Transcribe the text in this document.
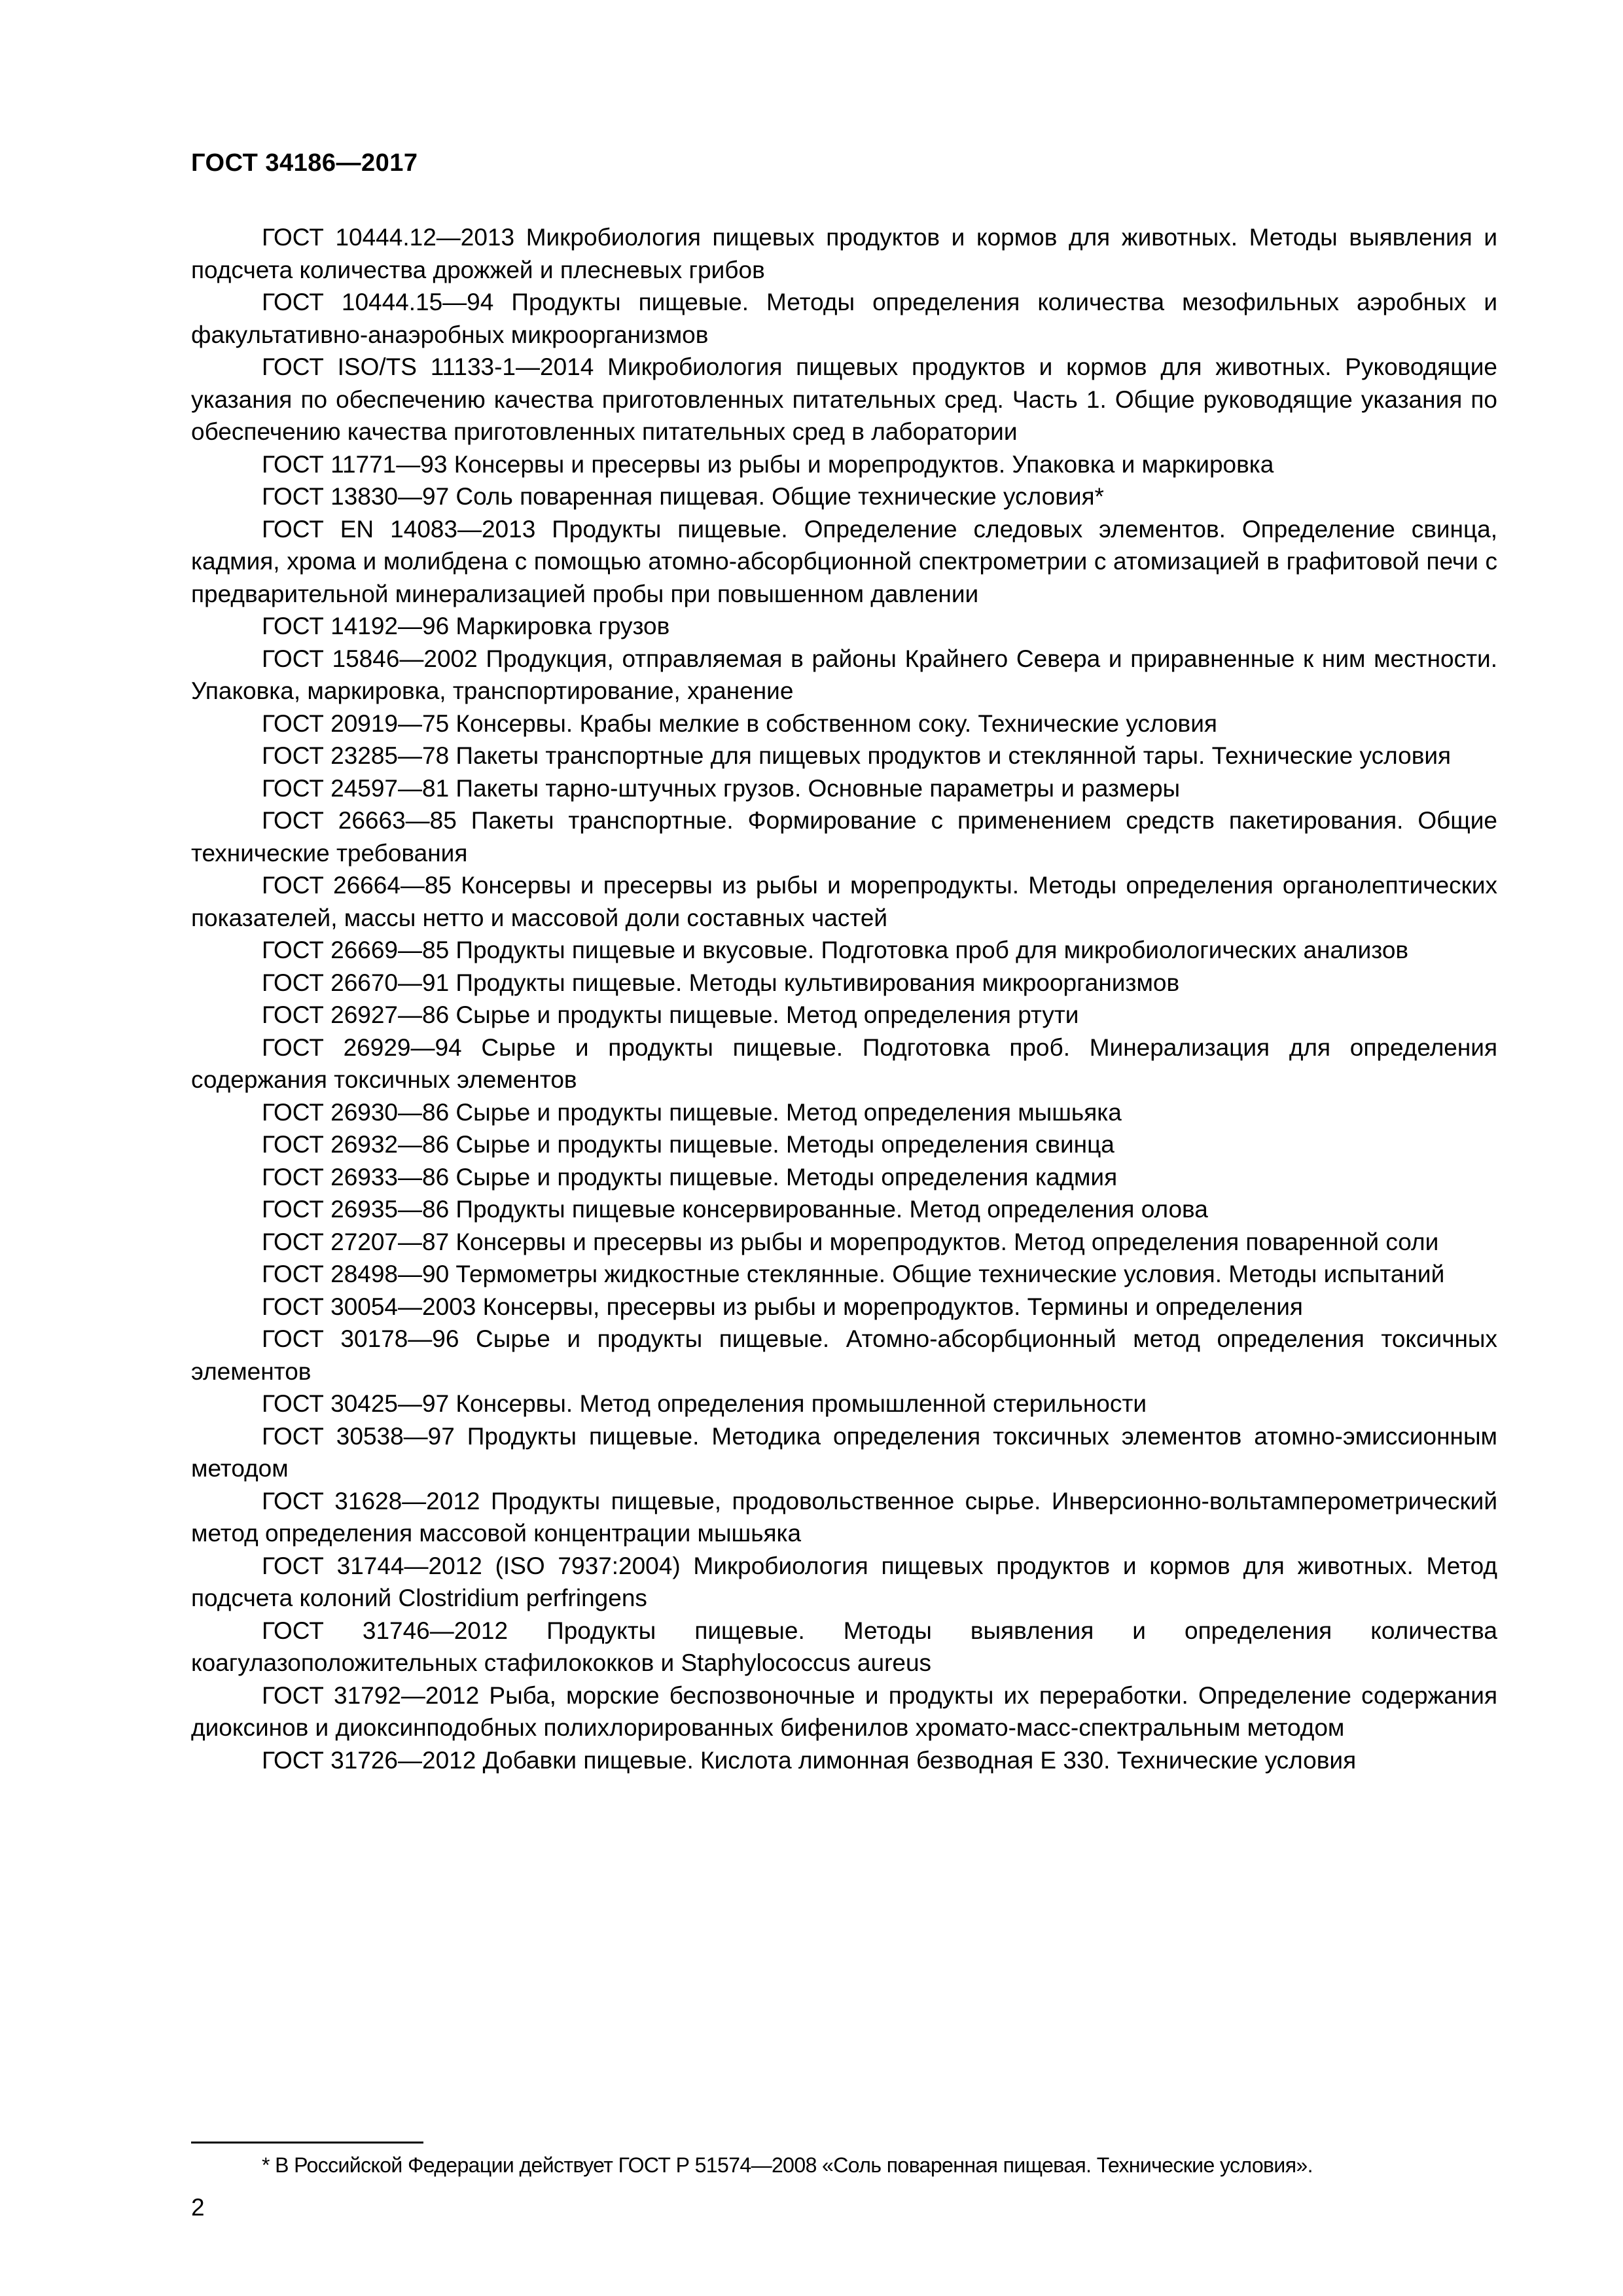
ГОСТ 34186—2017

ГОСТ 10444.12—2013 Микробиология пищевых продуктов и кормов для животных. Методы выявления и подсчета количества дрожжей и плесневых грибов

ГОСТ 10444.15—94 Продукты пищевые. Методы определения количества мезофильных аэробных и факультативно-анаэробных микроорганизмов

ГОСТ ISO/TS 11133-1—2014 Микробиология пищевых продуктов и кормов для животных. Руководящие указания по обеспечению качества приготовленных питательных сред. Часть 1. Общие руководящие указания по обеспечению качества приготовленных питательных сред в лаборатории

ГОСТ 11771—93 Консервы и пресервы из рыбы и морепродуктов. Упаковка и маркировка

ГОСТ 13830—97 Соль поваренная пищевая. Общие технические условия*

ГОСТ EN 14083—2013 Продукты пищевые. Определение следовых элементов. Определение свинца, кадмия, хрома и молибдена с помощью атомно-абсорбционной спектрометрии с атомизацией в графитовой печи с предварительной минерализацией пробы при повышенном давлении

ГОСТ 14192—96 Маркировка грузов

ГОСТ 15846—2002 Продукция, отправляемая в районы Крайнего Севера и приравненные к ним местности. Упаковка, маркировка, транспортирование, хранение

ГОСТ 20919—75 Консервы. Крабы мелкие в собственном соку. Технические условия

ГОСТ 23285—78 Пакеты транспортные для пищевых продуктов и стеклянной тары. Технические условия

ГОСТ 24597—81 Пакеты тарно-штучных грузов. Основные параметры и размеры

ГОСТ 26663—85 Пакеты транспортные. Формирование с применением средств пакетирования. Общие технические требования

ГОСТ 26664—85 Консервы и пресервы из рыбы и морепродукты. Методы определения органолептических показателей, массы нетто и массовой доли составных частей

ГОСТ 26669—85 Продукты пищевые и вкусовые. Подготовка проб для микробиологических анализов

ГОСТ 26670—91 Продукты пищевые. Методы культивирования микроорганизмов

ГОСТ 26927—86 Сырье и продукты пищевые. Метод определения ртути

ГОСТ 26929—94 Сырье и продукты пищевые. Подготовка проб. Минерализация для определения содержания токсичных элементов

ГОСТ 26930—86 Сырье и продукты пищевые. Метод определения мышьяка

ГОСТ 26932—86 Сырье и продукты пищевые. Методы определения свинца

ГОСТ 26933—86 Сырье и продукты пищевые. Методы определения кадмия

ГОСТ 26935—86 Продукты пищевые консервированные. Метод определения олова

ГОСТ 27207—87 Консервы и пресервы из рыбы и морепродуктов. Метод определения поваренной соли

ГОСТ 28498—90 Термометры жидкостные стеклянные. Общие технические условия. Методы испытаний

ГОСТ 30054—2003 Консервы, пресервы из рыбы и морепродуктов. Термины и определения

ГОСТ 30178—96 Сырье и продукты пищевые. Атомно-абсорбционный метод определения токсичных элементов

ГОСТ 30425—97 Консервы. Метод определения промышленной стерильности

ГОСТ 30538—97 Продукты пищевые. Методика определения токсичных элементов атомно-эмиссионным методом

ГОСТ 31628—2012 Продукты пищевые, продовольственное сырье. Инверсионно-вольтамперометрический метод определения массовой концентрации мышьяка

ГОСТ 31744—2012 (ISO 7937:2004) Микробиология пищевых продуктов и кормов для животных. Метод подсчета колоний Clostridium perfringens

ГОСТ 31746—2012 Продукты пищевые. Методы выявления и определения количества коагулазоположительных стафилококков и Staphylococcus aureus

ГОСТ 31792—2012 Рыба, морские беспозвоночные и продукты их переработки. Определение содержания диоксинов и диоксинподобных полихлорированных бифенилов хромато-масс-спектральным методом

ГОСТ 31726—2012 Добавки пищевые. Кислота лимонная безводная Е 330. Технические условия

* В Российской Федерации действует ГОСТ Р 51574—2008 «Соль поваренная пищевая. Технические условия».

2
